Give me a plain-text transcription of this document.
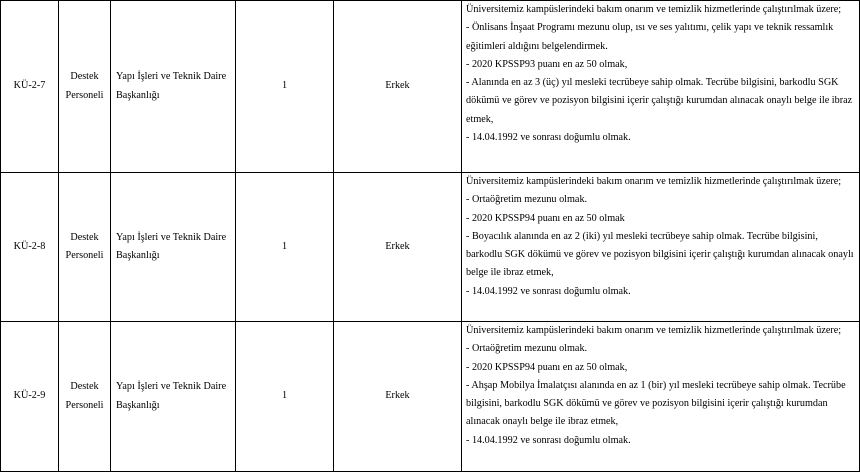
KÜ-2-7	Destek Personeli	Yapı İşleri ve Teknik Daire Başkanlığı	1	Erkek	Üniversitemiz kampüslerindeki bakım onarım ve temizlik hizmetlerinde çalıştırılmak üzere;
- Önlisans İnşaat Programı mezunu olup, ısı ve ses yalıtımı, çelik yapı ve teknik ressamlık eğitimleri aldığını belgelendirmek.
- 2020 KPSSP93 puanı en az 50 olmak,
- Alanında en az 3 (üç) yıl mesleki tecrübeye sahip olmak. Tecrübe bilgisini, barkodlu SGK dökümü ve görev ve pozisyon bilgisini içerir çalıştığı kurumdan alınacak onaylı belge ile ibraz etmek,
- 14.04.1992 ve sonrası doğumlu olmak.

KÜ-2-8	Destek Personeli	Yapı İşleri ve Teknik Daire Başkanlığı	1	Erkek	Üniversitemiz kampüslerindeki bakım onarım ve temizlik hizmetlerinde çalıştırılmak üzere;
- Ortaöğretim mezunu olmak.
- 2020 KPSSP94 puanı en az 50 olmak
- Boyacılık alanında en az 2 (iki) yıl mesleki tecrübeye sahip olmak. Tecrübe bilgisini, barkodlu SGK dökümü ve görev ve pozisyon bilgisini içerir çalıştığı kurumdan alınacak onaylı belge ile ibraz etmek,
- 14.04.1992 ve sonrası doğumlu olmak.

KÜ-2-9	Destek Personeli	Yapı İşleri ve Teknik Daire Başkanlığı	1	Erkek	Üniversitemiz kampüslerindeki bakım onarım ve temizlik hizmetlerinde çalıştırılmak üzere;
- Ortaöğretim mezunu olmak.
- 2020 KPSSP94 puanı en az 50 olmak,
- Ahşap Mobilya İmalatçısı alanında en az 1 (bir) yıl mesleki tecrübeye sahip olmak. Tecrübe bilgisini, barkodlu SGK dökümü ve görev ve pozisyon bilgisini içerir çalıştığı kurumdan alınacak onaylı belge ile ibraz etmek,
- 14.04.1992 ve sonrası doğumlu olmak.
